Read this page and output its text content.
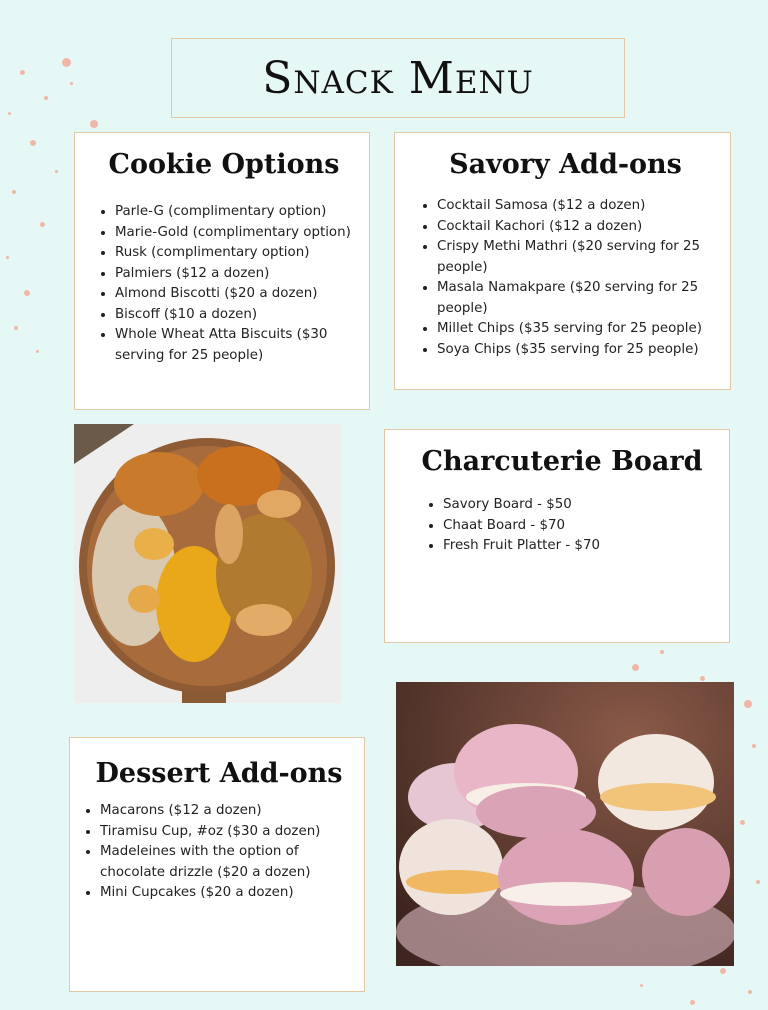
Snack Menu
Cookie Options
• Parle-G (complimentary option)
• Marie-Gold (complimentary option)
• Rusk (complimentary option)
• Palmiers ($12 a dozen)
• Almond Biscotti ($20 a dozen)
• Biscoff ($10 a dozen)
• Whole Wheat Atta Biscuits ($30 serving for 25 people)
Savory Add-ons
• Cocktail Samosa ($12 a dozen)
• Cocktail Kachori ($12 a dozen)
• Crispy Methi Mathri ($20 serving for 25 people)
• Masala Namakpare ($20 serving for 25 people)
• Millet Chips ($35 serving for 25 people)
• Soya Chips ($35 serving for 25 people)
Charcuterie Board
• Savory Board - $50
• Chaat Board - $70
• Fresh Fruit Platter - $70
Dessert Add-ons
• Macarons ($12 a dozen)
• Tiramisu Cup, #oz ($30 a dozen)
• Madeleines with the option of chocolate drizzle ($20 a dozen)
• Mini Cupcakes ($20 a dozen)
